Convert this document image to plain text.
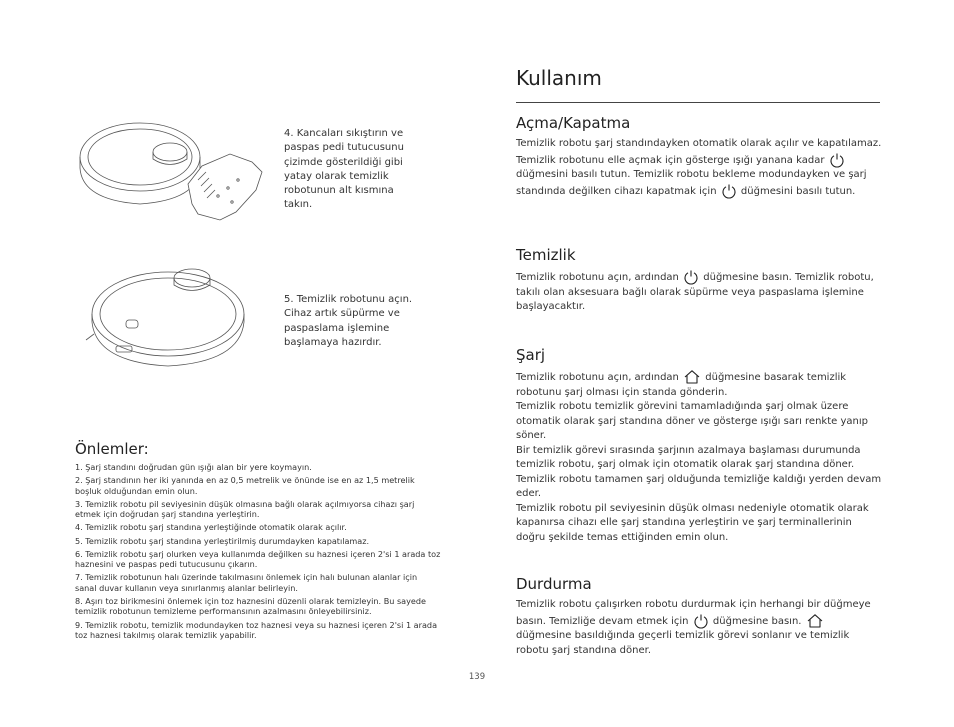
4. Kancaları sıkıştırın ve paspas pedi tutucusunu çizimde gösterildiği gibi yatay olarak temizlik robotunun alt kısmına takın.
5. Temizlik robotunu açın. Cihaz artık süpürme ve paspaslama işlemine başlamaya hazırdır.
Önlemler:
1. Şarj standını doğrudan gün ışığı alan bir yere koymayın.
2. Şarj standının her iki yanında en az 0,5 metrelik ve önünde ise en az 1,5 metrelik boşluk olduğundan emin olun.
3. Temizlik robotu pil seviyesinin düşük olmasına bağlı olarak açılmıyorsa cihazı şarj etmek için doğrudan şarj standına yerleştirin.
4. Temizlik robotu şarj standına yerleştiğinde otomatik olarak açılır.
5. Temizlik robotu şarj standına yerleştirilmiş durumdayken kapatılamaz.
6. Temizlik robotu şarj olurken veya kullanımda değilken su haznesi içeren 2'si 1 arada toz haznesini ve paspas pedi tutucusunu çıkarın.
7. Temizlik robotunun halı üzerinde takılmasını önlemek için halı bulunan alanlar için sanal duvar kullanın veya sınırlanmış alanlar belirleyin.
8. Aşırı toz birikmesini önlemek için toz haznesini düzenli olarak temizleyin. Bu sayede temizlik robotunun temizleme performansının azalmasını önleyebilirsiniz.
9. Temizlik robotu, temizlik modundayken toz haznesi veya su haznesi içeren 2'si 1 arada toz haznesi takılmış olarak temizlik yapabilir.
Kullanım
Açma/Kapatma

Temizlik robotu şarj standındayken otomatik olarak açılır ve kapatılamaz.

Temizlik robotunu elle açmak için gösterge ışığı yanana kadar  düğmesini basılı tutun. Temizlik robotu bekleme modundayken ve şarj standında değilken cihazı kapatmak için düğmesini basılı tutun.

Temizlik

Temizlik robotunu açın, ardından düğmesine basın. Temizlik robotu, takılı olan aksesuara bağlı olarak süpürme veya paspaslama işlemine başlayacaktır.

Şarj

Temizlik robotunu açın, ardından	düğmesine basarak temizlik robotunu şarj olması için standa gönderin.

Temizlik robotu temizlik görevini tamamladığında şarj olmak üzere otomatik olarak şarj standına döner ve gösterge ışığı sarı renkte yanıp söner.

Bir temizlik görevi sırasında şarjının azalmaya başlaması durumunda temizlik robotu, şarj olmak için otomatik olarak şarj standına döner. Temizlik robotu tamamen şarj olduğunda temizliğe kaldığı yerden devam eder.

Temizlik robotu pil seviyesinin düşük olması nedeniyle otomatik olarak kapanırsa cihazı elle şarj standına yerleştirin ve şarj terminallerinin doğru şekilde temas ettiğinden emin olun.

Durdurma

Temizlik robotu çalışırken robotu durdurmak için herhangi bir düğmeye basın. Temizliğe devam etmek için düğmesine basın.  düğmesine basıldığında geçerli temizlik görevi sonlanır ve temizlik robotu şarj standına döner.

139
